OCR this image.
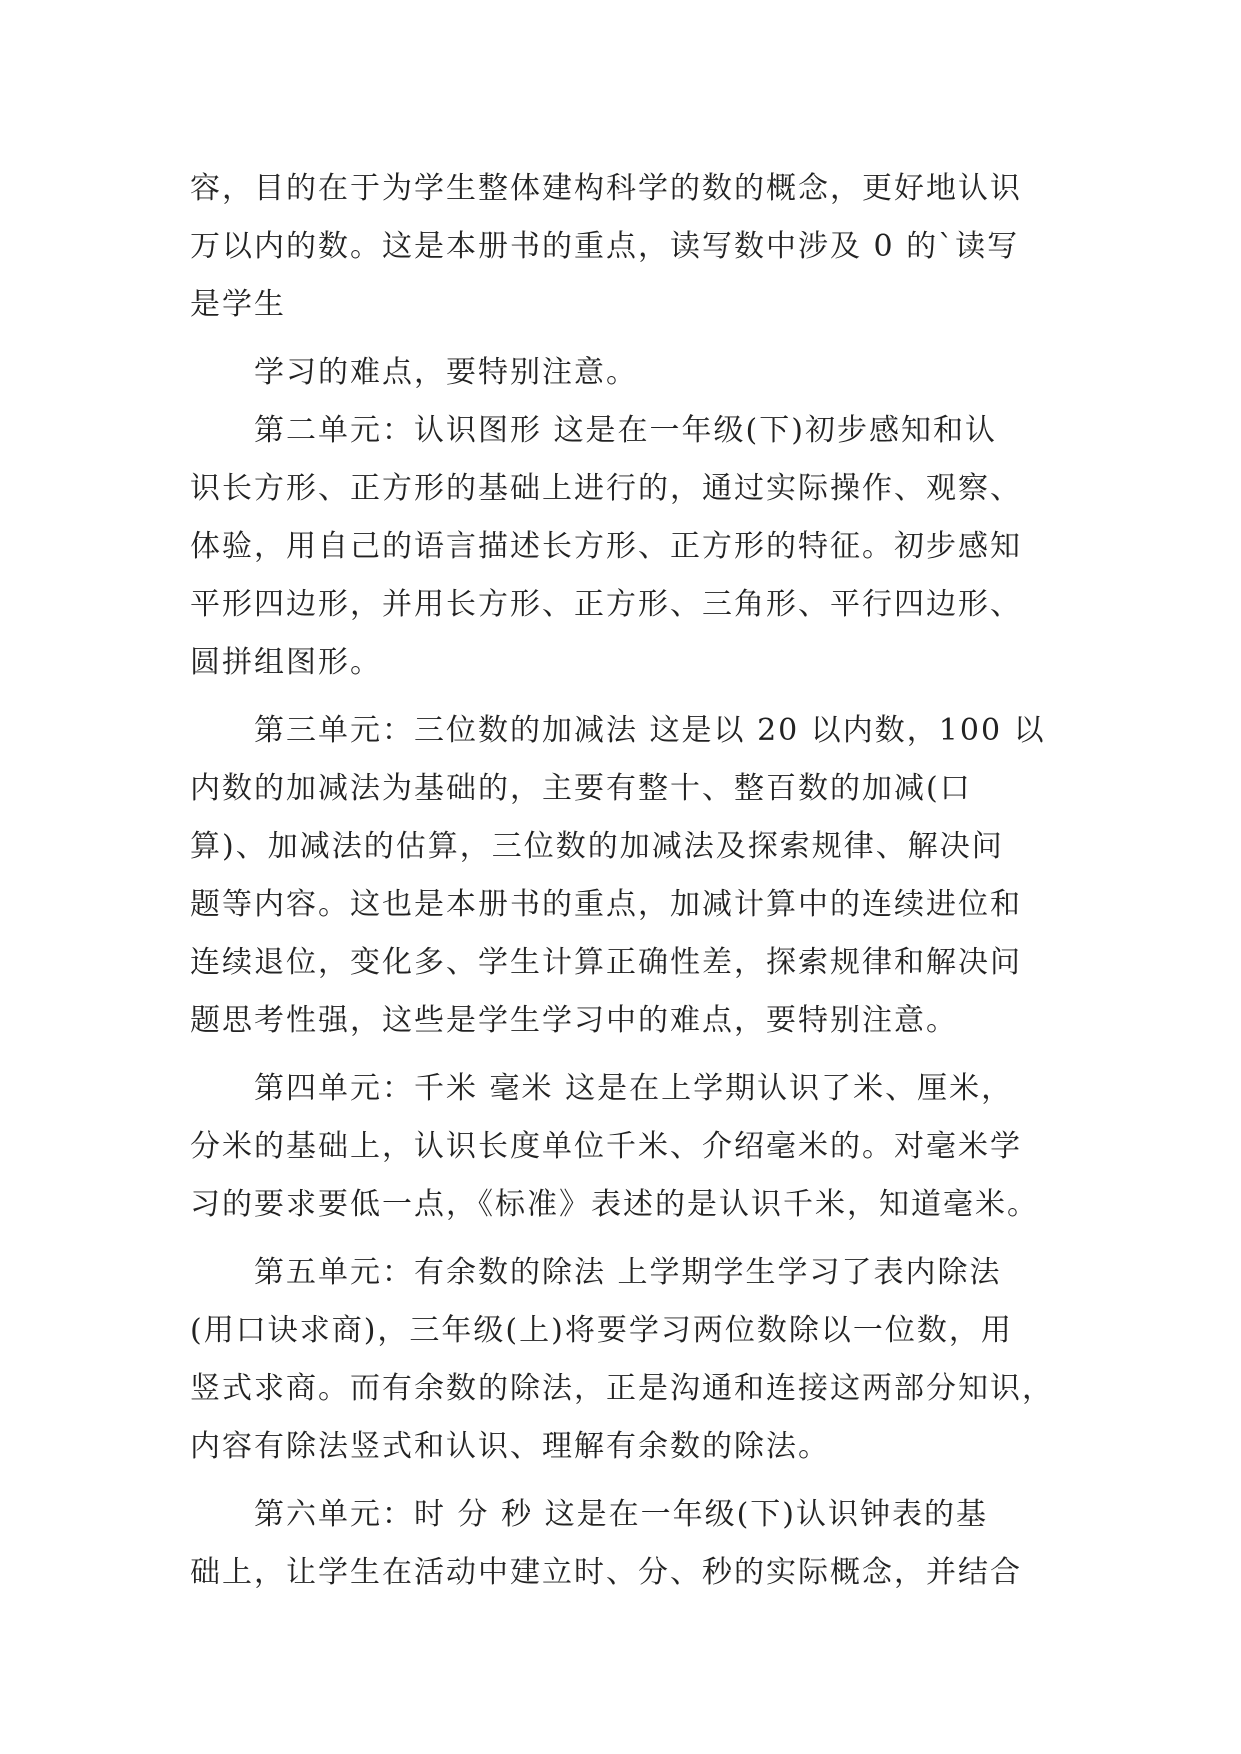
容，目的在于为学生整体建构科学的数的概念，更好地认识
万以内的数。这是本册书的重点，读写数中涉及 0 的`读写
是学生
学习的难点，要特别注意。
第二单元：认识图形 这是在一年级(下)初步感知和认
识长方形、正方形的基础上进行的，通过实际操作、观察、
体验，用自己的语言描述长方形、正方形的特征。初步感知
平形四边形，并用长方形、正方形、三角形、平行四边形、
圆拼组图形。
第三单元：三位数的加减法 这是以 20 以内数，100 以
内数的加减法为基础的，主要有整十、整百数的加减(口
算)、加减法的估算，三位数的加减法及探索规律、解决问
题等内容。这也是本册书的重点，加减计算中的连续进位和
连续退位，变化多、学生计算正确性差，探索规律和解决问
题思考性强，这些是学生学习中的难点，要特别注意。
第四单元：千米 毫米 这是在上学期认识了米、厘米，
分米的基础上，认识长度单位千米、介绍毫米的。对毫米学
习的要求要低一点，《标准》表述的是认识千米，知道毫米。
第五单元：有余数的除法 上学期学生学习了表内除法
(用口诀求商)，三年级(上)将要学习两位数除以一位数，用
竖式求商。而有余数的除法，正是沟通和连接这两部分知识，
内容有除法竖式和认识、理解有余数的除法。
第六单元：时 分 秒 这是在一年级(下)认识钟表的基
础上，让学生在活动中建立时、分、秒的实际概念，并结合
